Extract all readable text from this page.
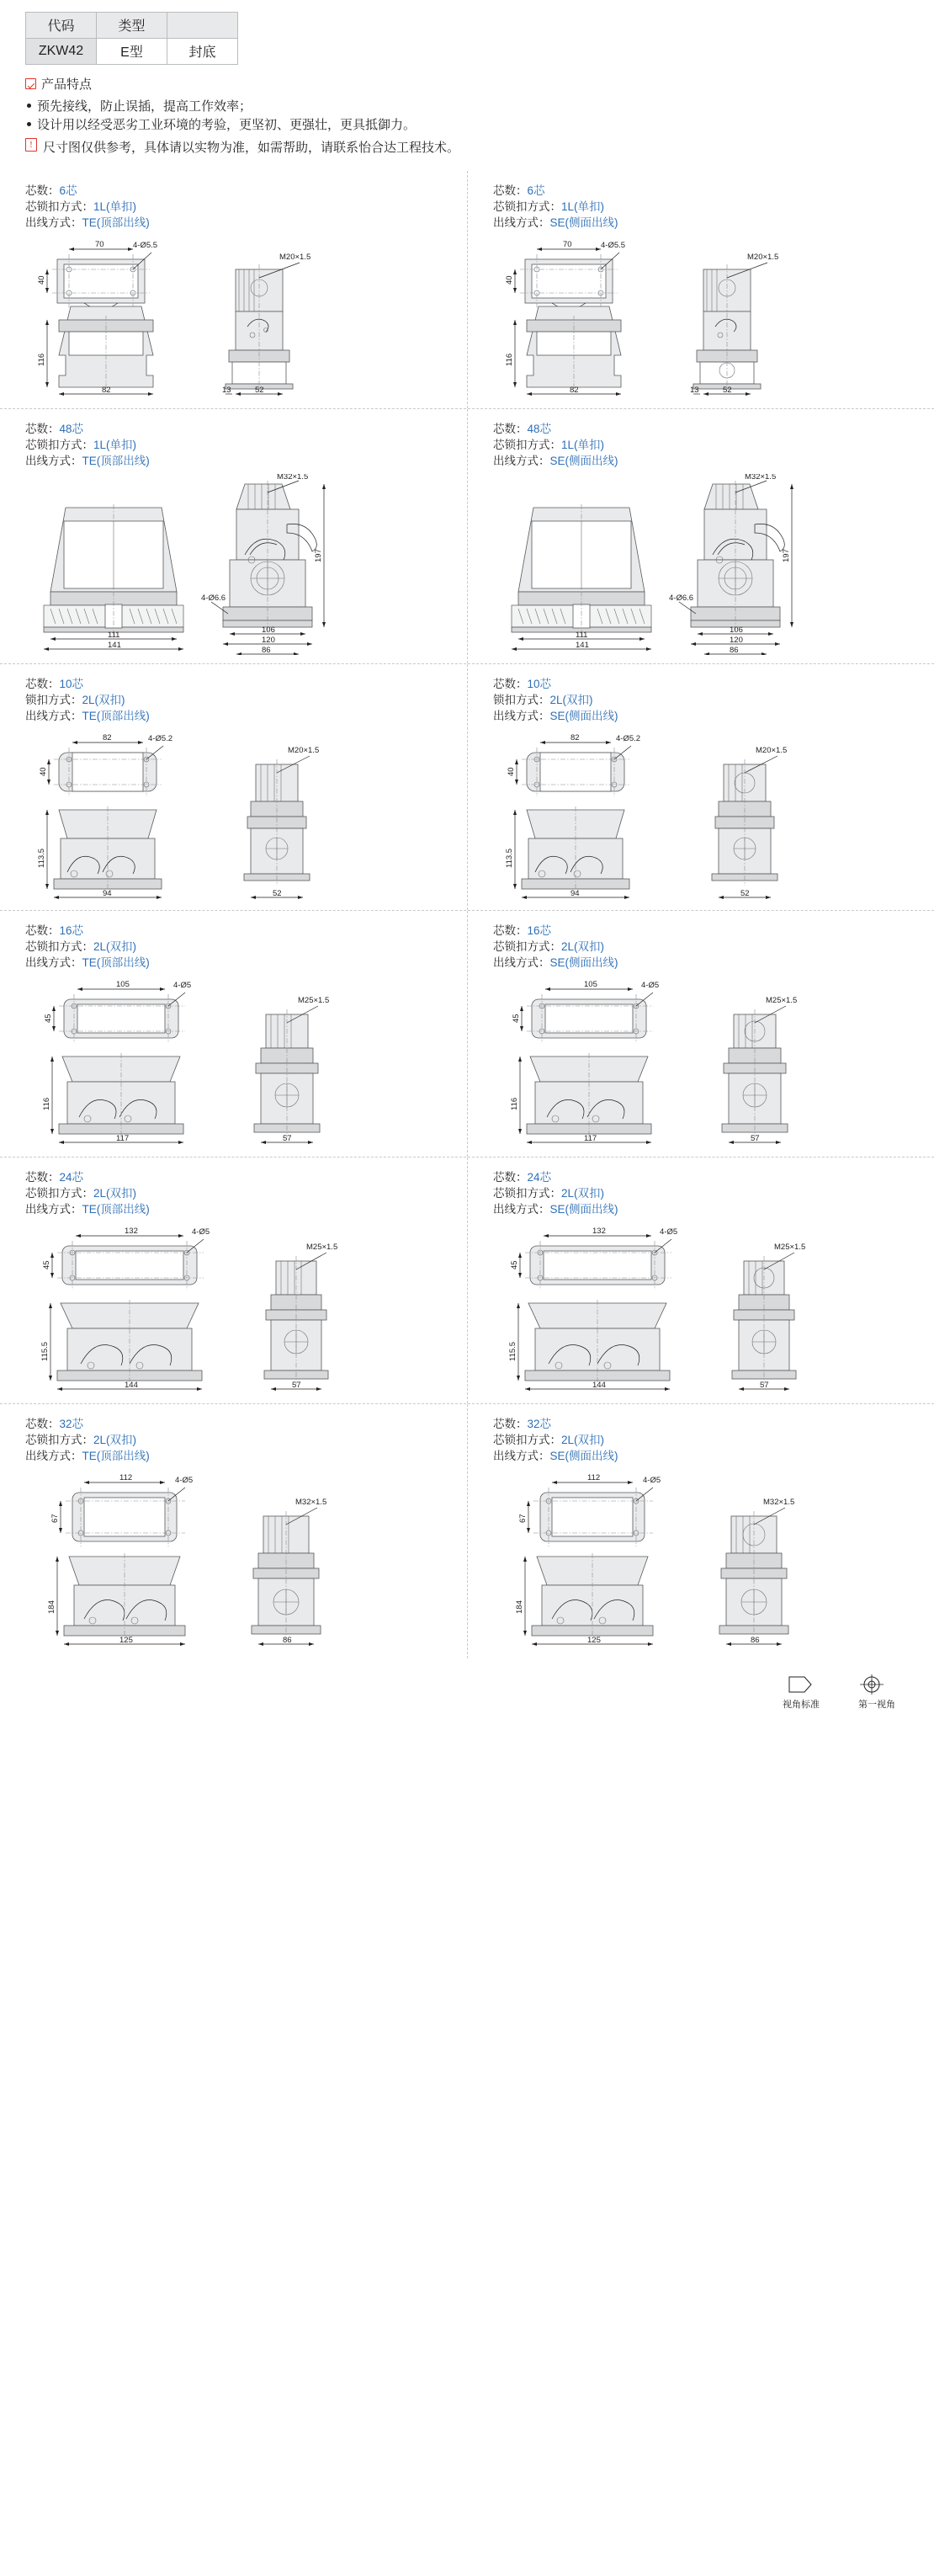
代码	类型	
ZKW42	E型	封底
产品特点
预先接线，防止误插，提高工作效率；
设计用以经受恶劣工业环境的考验，更坚初、更强壮，更具抵御力。
! 尺寸图仅供参考，具体请以实物为准，如需帮助，请联系怡合达工程技术。
芯数：6芯
芯锁扣方式：1L(单扣)
出线方式：TE(顶部出线)
70
40
4-Ø5.5
116
82
M20×1.5
13	52
芯数：6芯
芯锁扣方式：1L(单扣)
出线方式：SE(侧面出线)
70
40
4-Ø5.5
116
82
M20×1.5
13	52
芯数：48芯
芯锁扣方式：1L(单扣)
出线方式：TE(顶部出线)
111
141
M32×1.5
197
4-Ø6.6
106
120
86
芯数：48芯
芯锁扣方式：1L(单扣)
出线方式：SE(侧面出线)
111
141
M32×1.5
197
4-Ø6.6
106
120
86
芯数：10芯
锁扣方式：2L(双扣)
出线方式：TE(顶部出线)
82
40
4-Ø5.2
113.5
94
M20×1.5
52
芯数：10芯
锁扣方式：2L(双扣)
出线方式：SE(侧面出线)
82
40
4-Ø5.2
113.5
94
M20×1.5
52
芯数：16芯
芯锁扣方式：2L(双扣)
出线方式：TE(顶部出线)
105
45
4-Ø5
116
117
M25×1.5
57
芯数：16芯
芯锁扣方式：2L(双扣)
出线方式：SE(侧面出线)
105
45
4-Ø5
116
117
M25×1.5
57
芯数：24芯
芯锁扣方式：2L(双扣)
出线方式：TE(顶部出线)
132
45
4-Ø5
115.5
144
M25×1.5
57
芯数：24芯
芯锁扣方式：2L(双扣)
出线方式：SE(侧面出线)
132
45
4-Ø5
115.5
144
M25×1.5
57
芯数：32芯
芯锁扣方式：2L(双扣)
出线方式：TE(顶部出线)
112
67
4-Ø5
184
125
M32×1.5
86
芯数：32芯
芯锁扣方式：2L(双扣)
出线方式：SE(侧面出线)
112
67
4-Ø5
184
125
M32×1.5
86
视角标准	第一视角
